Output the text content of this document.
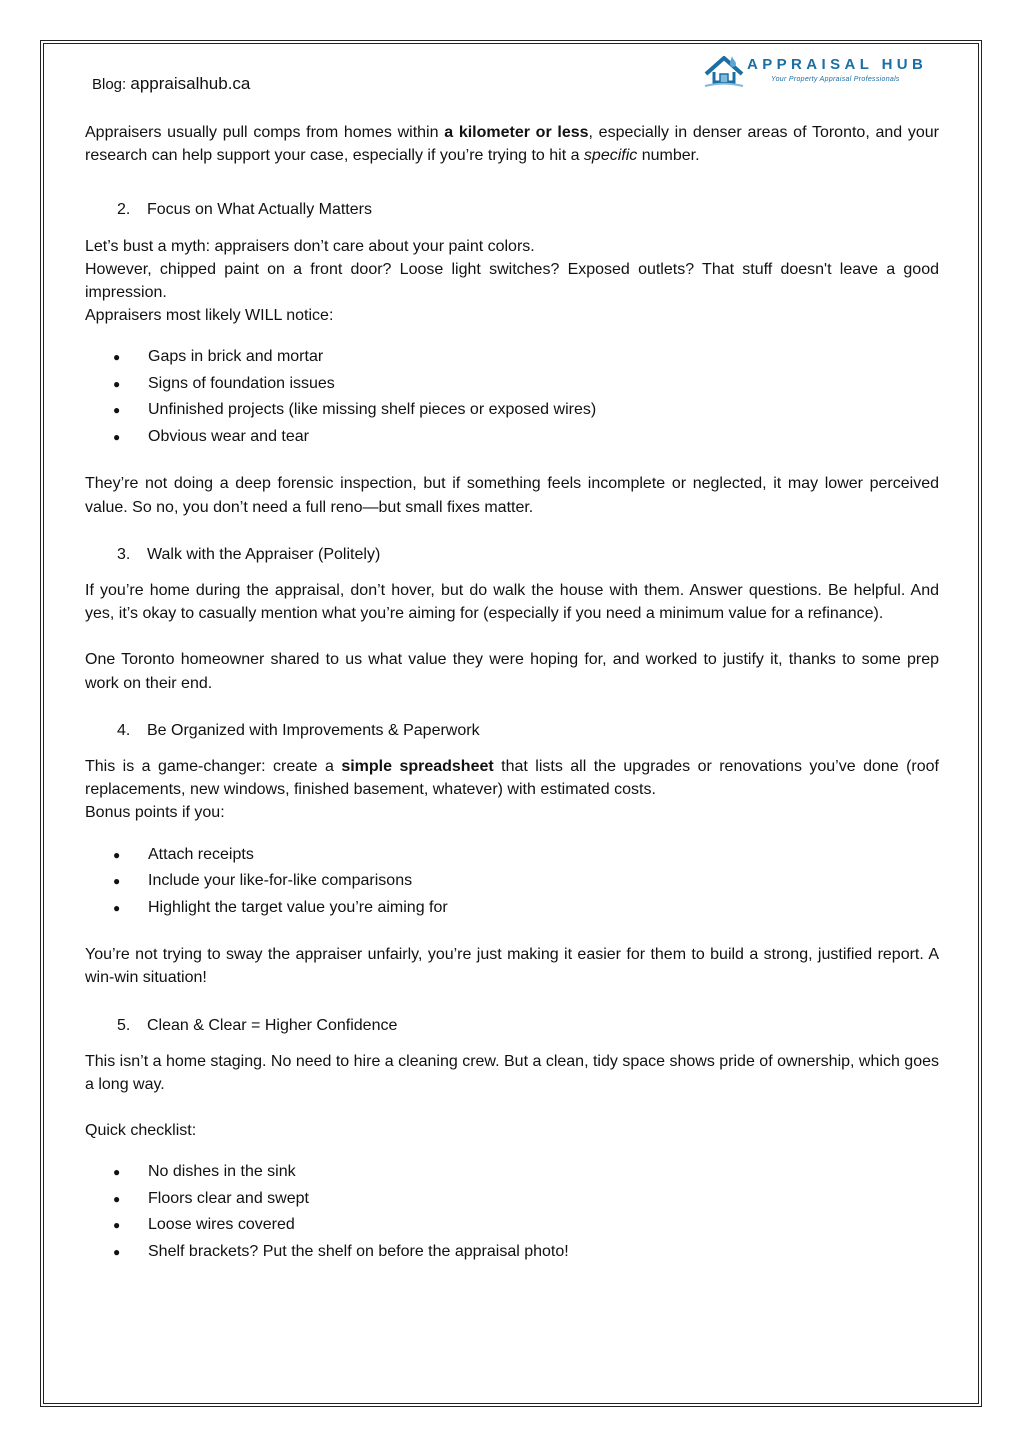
Blog: appraisalhub.ca
APPRAISAL HUB
Your Property Appraisal Professionals

Appraisers usually pull comps from homes within a kilometer or less, especially in denser areas of Toronto, and your research can help support your case, especially if you’re trying to hit a specific number.

2.	Focus on What Actually Matters

Let’s bust a myth: appraisers don’t care about your paint colors.
However, chipped paint on a front door? Loose light switches? Exposed outlets? That stuff doesn't leave a good impression.
Appraisers most likely WILL notice:

●	Gaps in brick and mortar
●	Signs of foundation issues
●	Unfinished projects (like missing shelf pieces or exposed wires)
●	Obvious wear and tear

They’re not doing a deep forensic inspection, but if something feels incomplete or neglected, it may lower perceived value. So no, you don’t need a full reno—but small fixes matter.

3.	Walk with the Appraiser (Politely)

If you’re home during the appraisal, don’t hover, but do walk the house with them. Answer questions. Be helpful. And yes, it’s okay to casually mention what you’re aiming for (especially if you need a minimum value for a refinance).

One Toronto homeowner shared to us what value they were hoping for, and worked to justify it, thanks to some prep work on their end.

4.	Be Organized with Improvements & Paperwork

This is a game-changer: create a simple spreadsheet that lists all the upgrades or renovations you’ve done (roof replacements, new windows, finished basement, whatever) with estimated costs.
Bonus points if you:

●	Attach receipts
●	Include your like-for-like comparisons
●	Highlight the target value you’re aiming for

You’re not trying to sway the appraiser unfairly, you’re just making it easier for them to build a strong, justified report. A win-win situation!

5.	Clean & Clear = Higher Confidence

This isn’t a home staging. No need to hire a cleaning crew. But a clean, tidy space shows pride of ownership, which goes a long way.

Quick checklist:

●	No dishes in the sink
●	Floors clear and swept
●	Loose wires covered
●	Shelf brackets? Put the shelf on before the appraisal photo!
